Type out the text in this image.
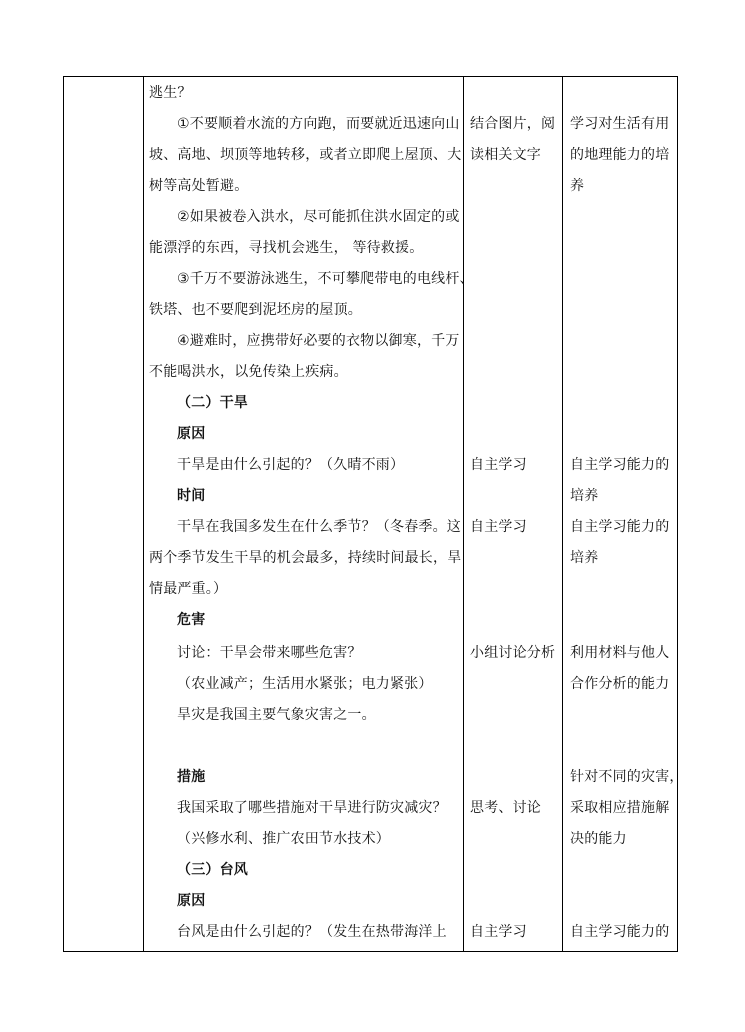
逃生？
①不要顺着水流的方向跑，而要就近迅速向山
坡、高地、坝顶等地转移，或者立即爬上屋顶、大
树等高处暂避。
②如果被卷入洪水，尽可能抓住洪水固定的或
能漂浮的东西，寻找机会逃生， 等待救援。
③千万不要游泳逃生，不可攀爬带电的电线杆、
铁塔、也不要爬到泥坯房的屋顶。
④避难时，应携带好必要的衣物以御寒，千万
不能喝洪水，以免传染上疾病。
（二）干旱
原因
干旱是由什么引起的？（久晴不雨）
时间
干旱在我国多发生在什么季节？（冬春季。这
两个季节发生干旱的机会最多，持续时间最长，旱
情最严重。）
危害
讨论：干旱会带来哪些危害？
（农业减产；生活用水紧张；电力紧张）
旱灾是我国主要气象灾害之一。
措施
我国采取了哪些措施对干旱进行防灾减灾？
（兴修水利、推广农田节水技术）
（三）台风
原因
台风是由什么引起的？（发生在热带海洋上
结合图片，阅
读相关文字
自主学习
自主学习
小组讨论分析
思考、讨论
自主学习
学习对生活有用
的地理能力的培
养
自主学习能力的
培养
自主学习能力的
培养
利用材料与他人
合作分析的能力
针对不同的灾害，
采取相应措施解
决的能力
自主学习能力的
